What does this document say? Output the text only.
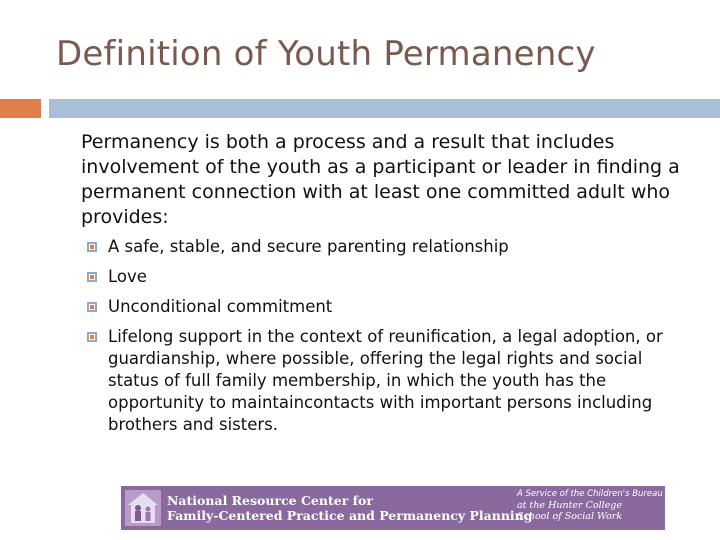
Definition of Youth Permanency

Permanency is both a process and a result that includes involvement of the youth as a participant or leader in finding a permanent connection with at least one committed adult who provides:

A safe, stable, and secure parenting relationship
Love
Unconditional commitment
Lifelong support in the context of reunification, a legal adoption, or guardianship, where possible, offering the legal rights and social status of full family membership, in which the youth has the opportunity to maintaincontacts with important persons including brothers and sisters.
National Resource Center for
Family-Centered Practice and Permanency Planning
A Service of the Children's Bureau
at the Hunter College
School of Social Work
